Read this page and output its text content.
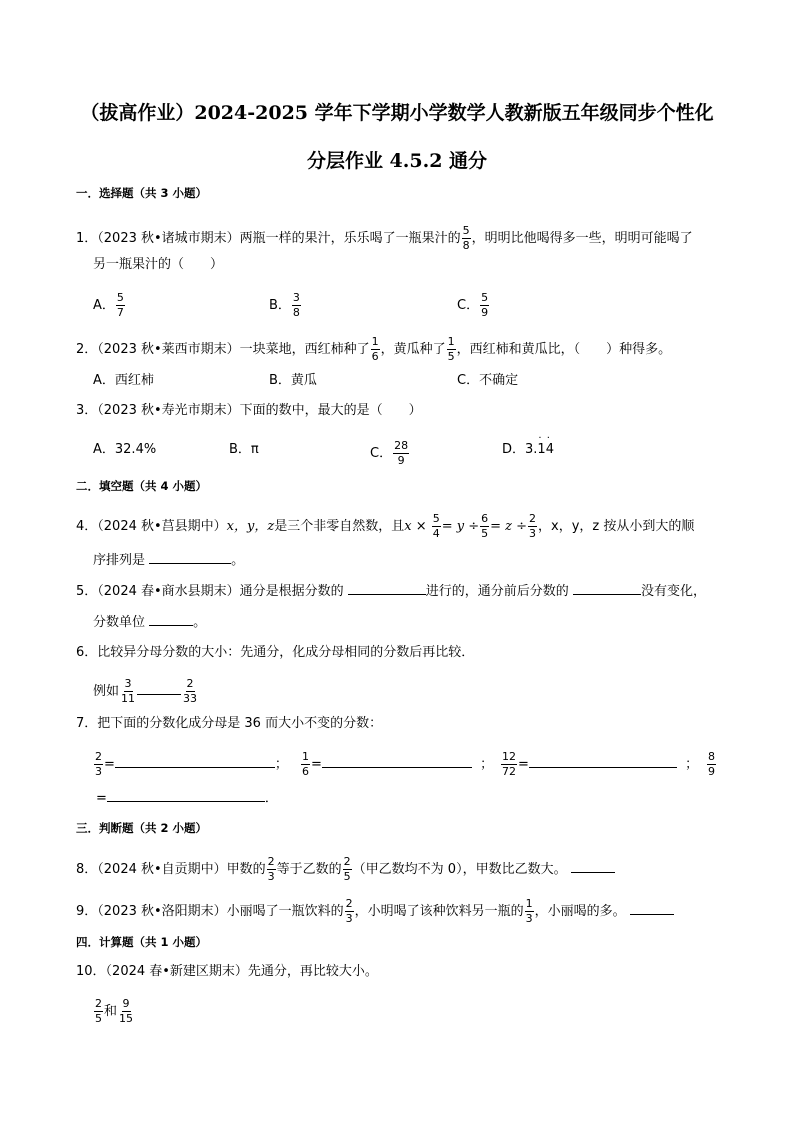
（拔高作业）2024-2025 学年下学期小学数学人教新版五年级同步个性化
分层作业 4.5.2 通分
一．选择题（共 3 小题）
1．（2023 秋•诸城市期末）两瓶一样的果汁，乐乐喝了一瓶果汁的 $\frac{5}{8}$ ，明明比他喝得多一些，明明可能喝了
另一瓶果汁的（　　）
A． $\frac{5}{7}$	B． $\frac{3}{8}$	C． $\frac{5}{9}$
2．（2023 秋•莱西市期末）一块菜地，西红柿种了 $\frac{1}{6}$ ，黄瓜种了 $\frac{1}{5}$ ，西红柿和黄瓜比，（　　）种得多。
A．西红柿	B．黄瓜	C．不确定
3．（2023 秋•寿光市期末）下面的数中，最大的是（　　）
A．32.4%	B．π	C． $\frac{28}{9}$	D．3.· 1· 4
二．填空题（共 4 小题）
4．（2024 秋•莒县期中）x，y，z是三个非零自然数，且$x \times \frac{5}{4} = y \div \frac{6}{5} = z \div \frac{2}{3}$ ，x，y，z 按从小到大的顺
序排列是	。
5．（2024 春•商水县期末）通分是根据分数的	进行的，通分前后分数的	没有变化，
分数单位	。
6．比较异分母分数的大小：先通分，化成分母相同的分数后再比较．
例如 $\frac{3}{11}$	$\frac{2}{33}$
7．把下面的分数化成分母是 36 而大小不变的分数：
$\frac{2}{3}$ =	； $\frac{1}{6}$ =	； $\frac{12}{72}$ =	； $\frac{8}{9}$
=	．
三．判断题（共 2 小题）
8．（2024 秋•自贡期中）甲数的 $\frac{2}{3}$ 等于乙数的 $\frac{2}{5}$ （甲乙数均不为 0），甲数比乙数大。
9．（2023 秋•洛阳期末）小丽喝了一瓶饮料的 $\frac{2}{3}$ ，小明喝了该种饮料另一瓶的 $\frac{1}{3}$ ，小丽喝的多。
四．计算题（共 1 小题）
10．（2024 春•新建区期末）先通分，再比较大小。
$\frac{2}{5}$ 和 $\frac{9}{15}$
